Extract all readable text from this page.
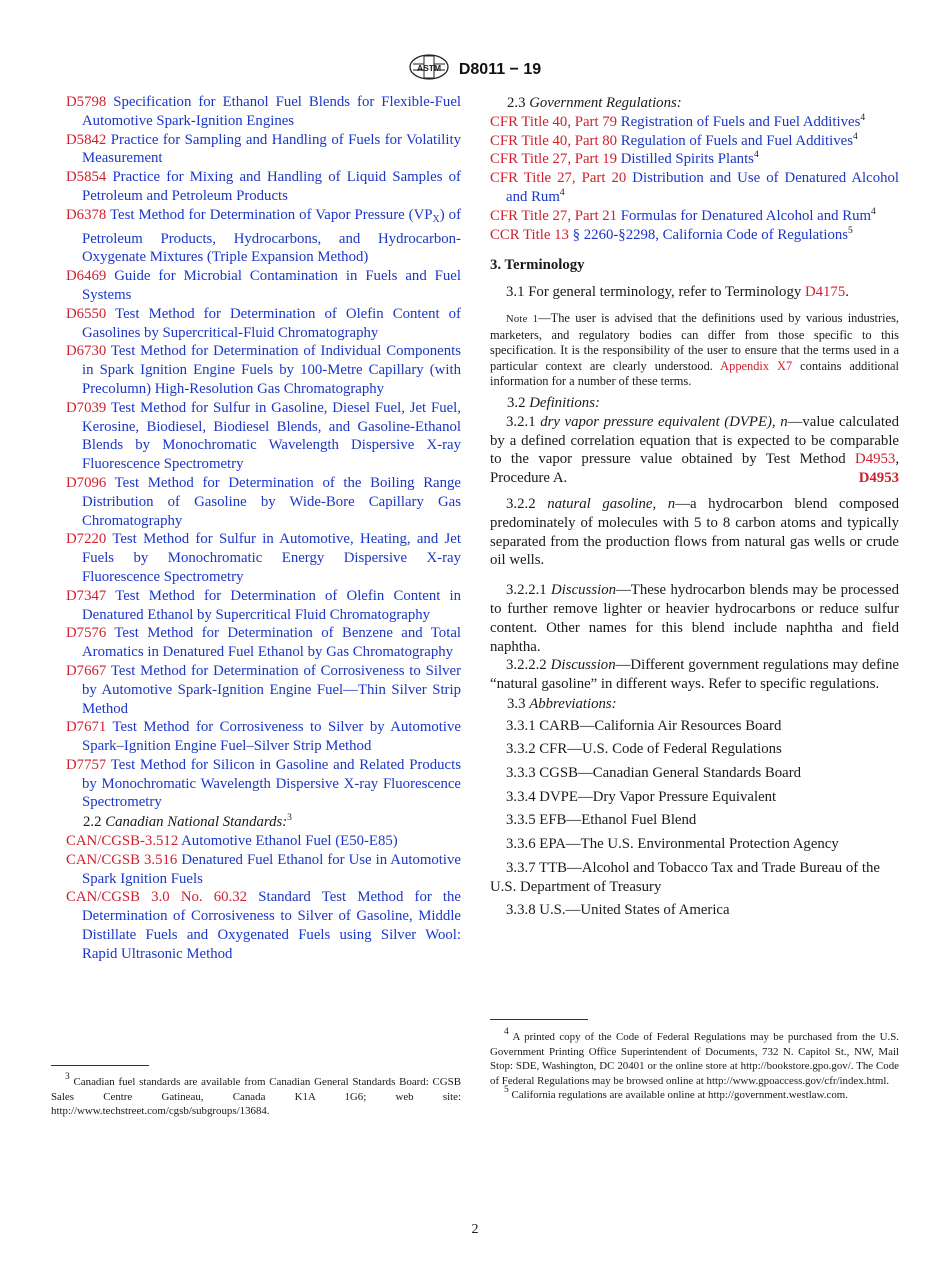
ASTM D8011 − 19
D5798 Specification for Ethanol Fuel Blends for Flexible-Fuel Automotive Spark-Ignition Engines
D5842 Practice for Sampling and Handling of Fuels for Volatility Measurement
D5854 Practice for Mixing and Handling of Liquid Samples of Petroleum and Petroleum Products
D6378 Test Method for Determination of Vapor Pressure $(VP_X)$ of Petroleum Products, Hydrocarbons, and Hydrocarbon-Oxygenate Mixtures (Triple Expansion Method)
D6469 Guide for Microbial Contamination in Fuels and Fuel Systems
D6550 Test Method for Determination of Olefin Content of Gasolines by Supercritical-Fluid Chromatography
D6730 Test Method for Determination of Individual Components in Spark Ignition Engine Fuels by 100-Metre Capillary (with Precolumn) High-Resolution Gas Chromatography
D7039 Test Method for Sulfur in Gasoline, Diesel Fuel, Jet Fuel, Kerosine, Biodiesel, Biodiesel Blends, and Gasoline-Ethanol Blends by Monochromatic Wavelength Dispersive X-ray Fluorescence Spectrometry
D7096 Test Method for Determination of the Boiling Range Distribution of Gasoline by Wide-Bore Capillary Gas Chromatography
D7220 Test Method for Sulfur in Automotive, Heating, and Jet Fuels by Monochromatic Energy Dispersive X-ray Fluorescence Spectrometry
D7347 Test Method for Determination of Olefin Content in Denatured Ethanol by Supercritical Fluid Chromatography
D7576 Test Method for Determination of Benzene and Total Aromatics in Denatured Fuel Ethanol by Gas Chromatography
D7667 Test Method for Determination of Corrosiveness to Silver by Automotive Spark-Ignition Engine Fuel—Thin Silver Strip Method
D7671 Test Method for Corrosiveness to Silver by Automotive Spark–Ignition Engine Fuel–Silver Strip Method
D7757 Test Method for Silicon in Gasoline and Related Products by Monochromatic Wavelength Dispersive X-ray Fluorescence Spectrometry
2.2 Canadian National Standards:$^3$
CAN/CGSB-3.512 Automotive Ethanol Fuel (E50-E85)
CAN/CGSB 3.516 Denatured Fuel Ethanol for Use in Automotive Spark Ignition Fuels
CAN/CGSB 3.0 No. 60.32 Standard Test Method for the Determination of Corrosiveness to Silver of Gasoline, Middle Distillate Fuels and Oxygenated Fuels using Silver Wool: Rapid Ultrasonic Method
3 Canadian fuel standards are available from Canadian General Standards Board: CGSB Sales Centre Gatineau, Canada K1A 1G6; web site: http://www.techstreet.com/cgsb/subgroups/13684.
2.3 Government Regulations:
CFR Title 40, Part 79 Registration of Fuels and Fuel Additives$^4$
CFR Title 40, Part 80 Regulation of Fuels and Fuel Additives$^4$
CFR Title 27, Part 19 Distilled Spirits Plants$^4$
CFR Title 27, Part 20 Distribution and Use of Denatured Alcohol and Rum$^4$
CFR Title 27, Part 21 Formulas for Denatured Alcohol and Rum$^4$
CCR Title 13 § 2260-§2298, California Code of Regulations$^5$
3. Terminology
3.1 For general terminology, refer to Terminology D4175.
Note 1—The user is advised that the definitions used by various industries, marketers, and regulatory bodies can differ from those specific to this specification. It is the responsibility of the user to ensure that the terms used in a particular context are clearly understood. Appendix X7 contains additional information for a number of these terms.
3.2 Definitions:
3.2.1 dry vapor pressure equivalent (DVPE), n—value calculated by a defined correlation equation that is expected to be comparable to the vapor pressure value obtained by Test Method D4953, Procedure A.	D4953
3.2.2 natural gasoline, n—a hydrocarbon blend composed predominately of molecules with 5 to 8 carbon atoms and typically separated from the production flows from natural gas wells or crude oil wells.
3.2.2.1 Discussion—These hydrocarbon blends may be processed to further remove lighter or heavier hydrocarbons or reduce sulfur content. Other names for this blend include naphtha and field naphtha.
3.2.2.2 Discussion—Different government regulations may define “natural gasoline” in different ways. Refer to specific regulations.
3.3 Abbreviations:
3.3.1 CARB—California Air Resources Board
3.3.2 CFR—U.S. Code of Federal Regulations
3.3.3 CGSB—Canadian General Standards Board
3.3.4 DVPE—Dry Vapor Pressure Equivalent
3.3.5 EFB—Ethanol Fuel Blend
3.3.6 EPA—The U.S. Environmental Protection Agency
3.3.7 TTB—Alcohol and Tobacco Tax and Trade Bureau of the U.S. Department of Treasury
3.3.8 U.S.—United States of America
4 A printed copy of the Code of Federal Regulations may be purchased from the U.S. Government Printing Office Superintendent of Documents, 732 N. Capitol St., NW, Mail Stop: SDE, Washington, DC 20401 or the online store at http://bookstore.gpo.gov/. The Code of Federal Regulations may be browsed online at http://www.gpoaccess.gov/cfr/index.html.
5 California regulations are available online at http://government.westlaw.com.
2
